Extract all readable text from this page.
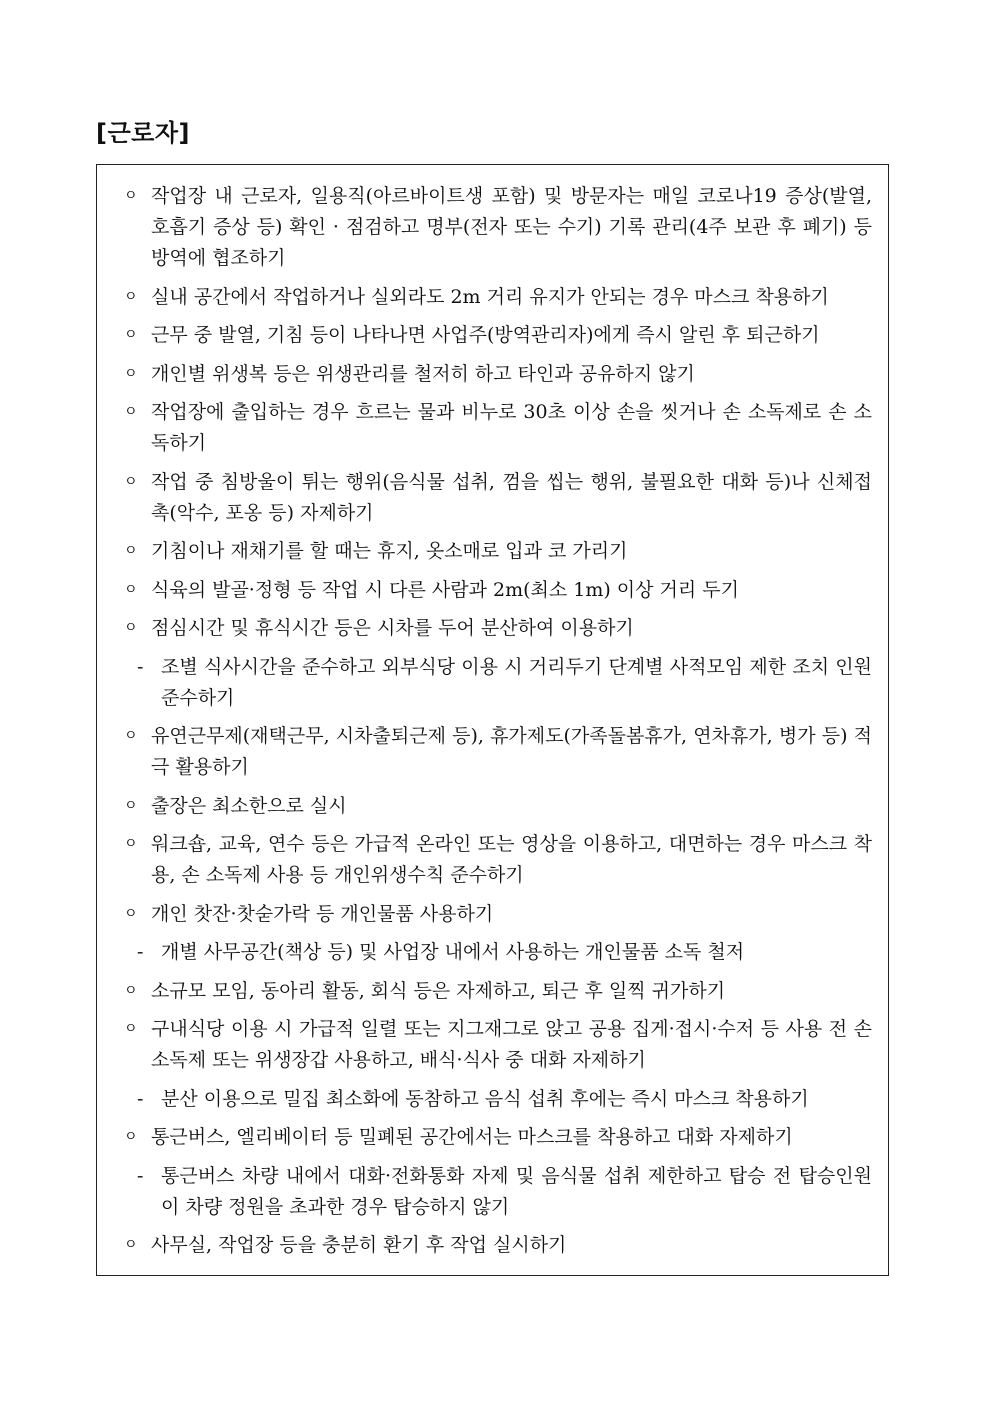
[근로자]
ㅇ 작업장 내 근로자, 일용직(아르바이트생 포함) 및 방문자는 매일 코로나19 증상(발열, 호흡기 증상 등) 확인 · 점검하고 명부(전자 또는 수기) 기록 관리(4주 보관 후 폐기) 등 방역에 협조하기
ㅇ 실내 공간에서 작업하거나 실외라도 2m 거리 유지가 안되는 경우 마스크 착용하기
ㅇ 근무 중 발열, 기침 등이 나타나면 사업주(방역관리자)에게 즉시 알린 후 퇴근하기
ㅇ 개인별 위생복 등은 위생관리를 철저히 하고 타인과 공유하지 않기
ㅇ 작업장에 출입하는 경우 흐르는 물과 비누로 30초 이상 손을 씻거나 손 소독제로 손 소독하기
ㅇ 작업 중 침방울이 튀는 행위(음식물 섭취, 껌을 씹는 행위, 불필요한 대화 등)나 신체접촉(악수, 포옹 등) 자제하기
ㅇ 기침이나 재채기를 할 때는 휴지, 옷소매로 입과 코 가리기
ㅇ 식육의 발골·정형 등 작업 시 다른 사람과 2m(최소 1m) 이상 거리 두기
ㅇ 점심시간 및 휴식시간 등은 시차를 두어 분산하여 이용하기
- 조별 식사시간을 준수하고 외부식당 이용 시 거리두기 단계별 사적모임 제한 조치 인원 준수하기
ㅇ 유연근무제(재택근무, 시차출퇴근제 등), 휴가제도(가족돌봄휴가, 연차휴가, 병가 등) 적극 활용하기
ㅇ 출장은 최소한으로 실시
ㅇ 워크숍, 교육, 연수 등은 가급적 온라인 또는 영상을 이용하고, 대면하는 경우 마스크 착용, 손 소독제 사용 등 개인위생수칙 준수하기
ㅇ 개인 찻잔·찻숟가락 등 개인물품 사용하기
- 개별 사무공간(책상 등) 및 사업장 내에서 사용하는 개인물품 소독 철저
ㅇ 소규모 모임, 동아리 활동, 회식 등은 자제하고, 퇴근 후 일찍 귀가하기
ㅇ 구내식당 이용 시 가급적 일렬 또는 지그재그로 앉고 공용 집게·접시·수저 등 사용 전 손 소독제 또는 위생장갑 사용하고, 배식·식사 중 대화 자제하기
- 분산 이용으로 밀집 최소화에 동참하고 음식 섭취 후에는 즉시 마스크 착용하기
ㅇ 통근버스, 엘리베이터 등 밀폐된 공간에서는 마스크를 착용하고 대화 자제하기
- 통근버스 차량 내에서 대화·전화통화 자제 및 음식물 섭취 제한하고 탑승 전 탑승인원이 차량 정원을 초과한 경우 탑승하지 않기
ㅇ 사무실, 작업장 등을 충분히 환기 후 작업 실시하기
